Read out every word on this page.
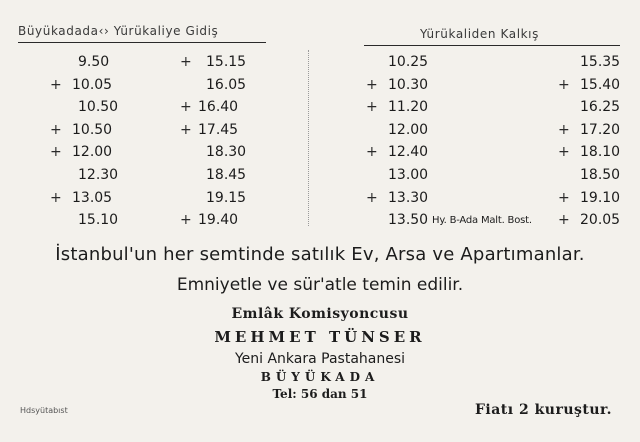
Büyükadada‹› Yürükaliye Gidiş	Yürükaliden Kalkış
9.50	+ 15.15
+ 10.05	16.05
10.50	+ 16.40
+ 10.50	+ 17.45
+ 12.00	18.30
12.30	18.45
+ 13.05	19.15
15.10	+ 19.40
10.25	15.35
+ 10.30	+ 15.40
+ 11.20	16.25
12.00	+ 17.20
+ 12.40	+ 18.10
13.00	18.50
+ 13.30	+ 19.10
13.50 Hy. B-Ada Malt. Bost. + 20.05
İstanbul'un her semtinde satılık Ev, Arsa ve Apartımanlar.
Emniyetle ve sür'atle temin edilir.
Emlâk Komisyoncusu
MEHMET TÜNSER
Yeni Ankara Pastahanesi
BÜYÜKADA
Tel: 56 dan 51
Hdsyütabıst	Fiatı 2 kuruştur.
